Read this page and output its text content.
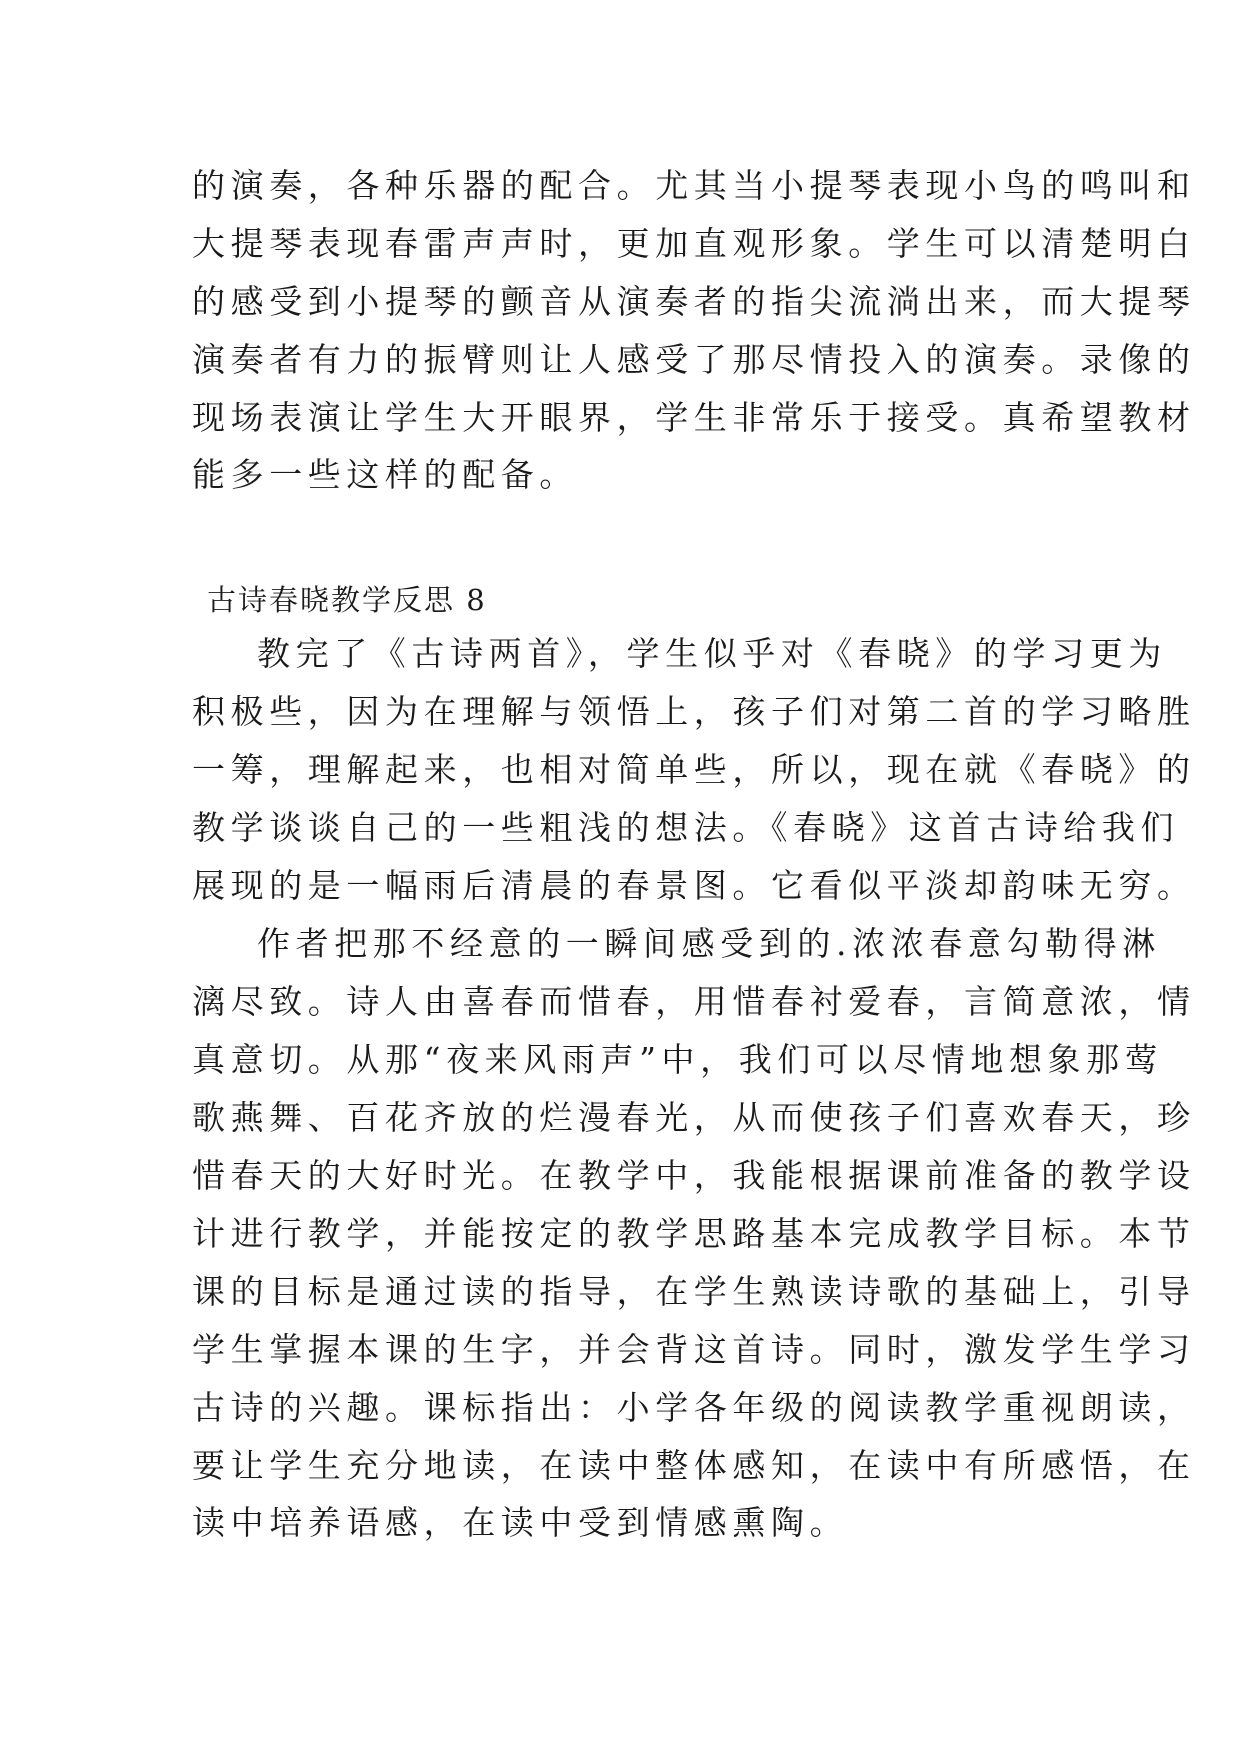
的演奏，各种乐器的配合。尤其当小提琴表现小鸟的鸣叫和
大提琴表现春雷声声时，更加直观形象。学生可以清楚明白
的感受到小提琴的颤音从演奏者的指尖流淌出来，而大提琴
演奏者有力的振臂则让人感受了那尽情投入的演奏。录像的
现场表演让学生大开眼界，学生非常乐于接受。真希望教材
能多一些这样的配备。
古诗春晓教学反思 8
教完了《古诗两首》，学生似乎对《春晓》的学习更为
积极些，因为在理解与领悟上，孩子们对第二首的学习略胜
一筹，理解起来，也相对简单些，所以，现在就《春晓》的
教学谈谈自己的一些粗浅的想法。《春晓》这首古诗给我们
展现的是一幅雨后清晨的春景图。它看似平淡却韵味无穷。
作者把那不经意的一瞬间感受到的.浓浓春意勾勒得淋
漓尽致。诗人由喜春而惜春，用惜春衬爱春，言简意浓，情
真意切。从那“夜来风雨声”中，我们可以尽情地想象那莺
歌燕舞、百花齐放的烂漫春光，从而使孩子们喜欢春天，珍
惜春天的大好时光。在教学中，我能根据课前准备的教学设
计进行教学，并能按定的教学思路基本完成教学目标。本节
课的目标是通过读的指导，在学生熟读诗歌的基础上，引导
学生掌握本课的生字，并会背这首诗。同时，激发学生学习
古诗的兴趣。课标指出：小学各年级的阅读教学重视朗读，
要让学生充分地读，在读中整体感知，在读中有所感悟，在
读中培养语感，在读中受到情感熏陶。
